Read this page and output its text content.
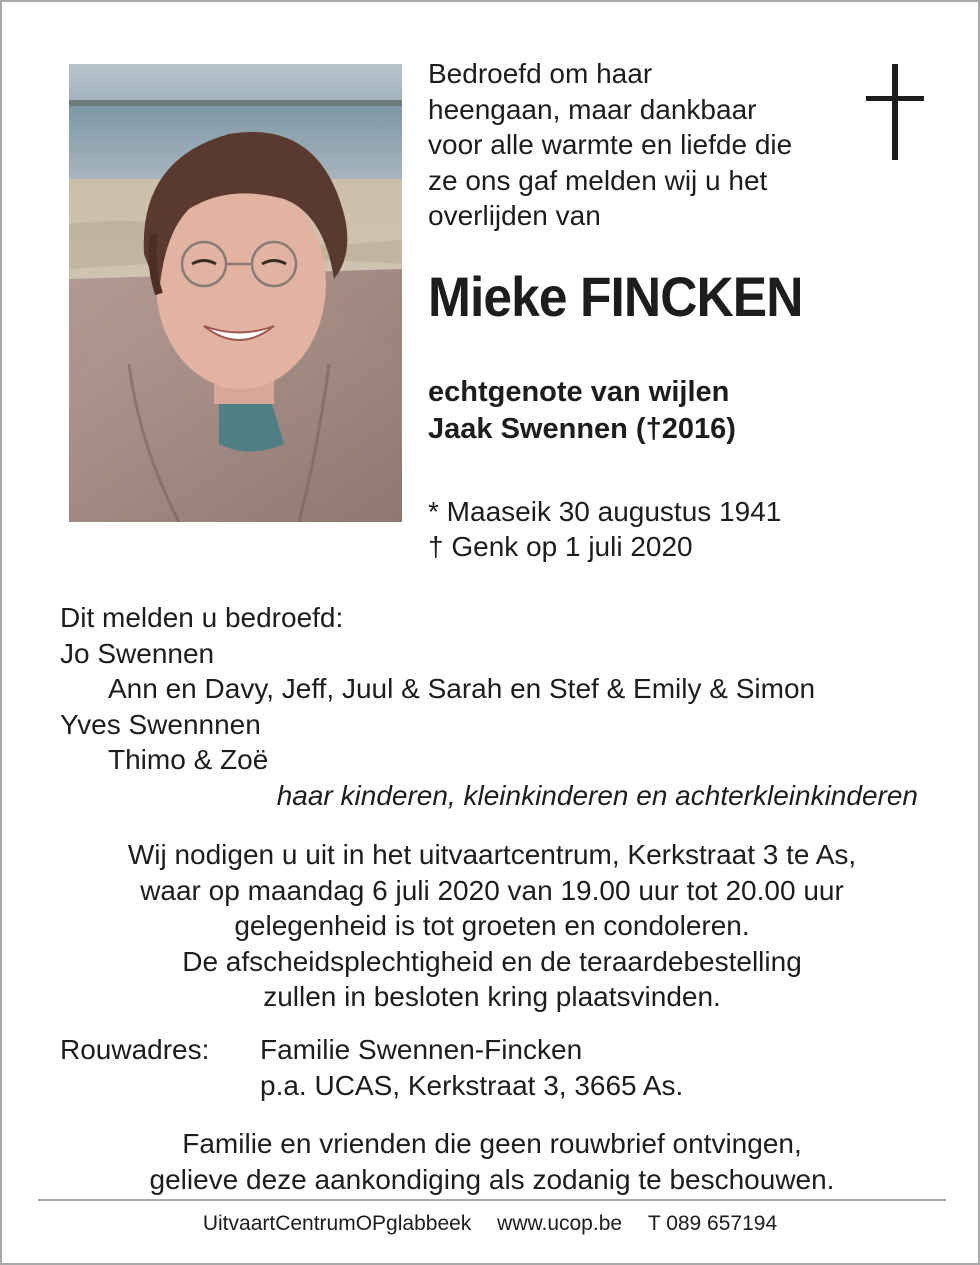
Bedroefd om haar
heengaan, maar dankbaar
voor alle warmte en liefde die
ze ons gaf melden wij u het
overlijden van
Mieke FINCKEN
echtgenote van wijlen
Jaak Swennen (†2016)
* Maaseik 30 augustus 1941
† Genk op 1 juli 2020
Dit melden u bedroefd:
Jo Swennen
Ann en Davy, Jeff, Juul & Sarah en Stef & Emily & Simon
Yves Swennnen
Thimo & Zoë
haar kinderen, kleinkinderen en achterkleinkinderen
Wij nodigen u uit in het uitvaartcentrum, Kerkstraat 3 te As,
waar op maandag 6 juli 2020 van 19.00 uur tot 20.00 uur
gelegenheid is tot groeten en condoleren.
De afscheidsplechtigheid en de teraardebestelling
zullen in besloten kring plaatsvinden.
Rouwadres: Familie Swennen-Fincken
p.a. UCAS, Kerkstraat 3, 3665 As.
Familie en vrienden die geen rouwbrief ontvingen,
gelieve deze aankondiging als zodanig te beschouwen.
UitvaartCentrumOPglabbeek www.ucop.be T 089 657194
